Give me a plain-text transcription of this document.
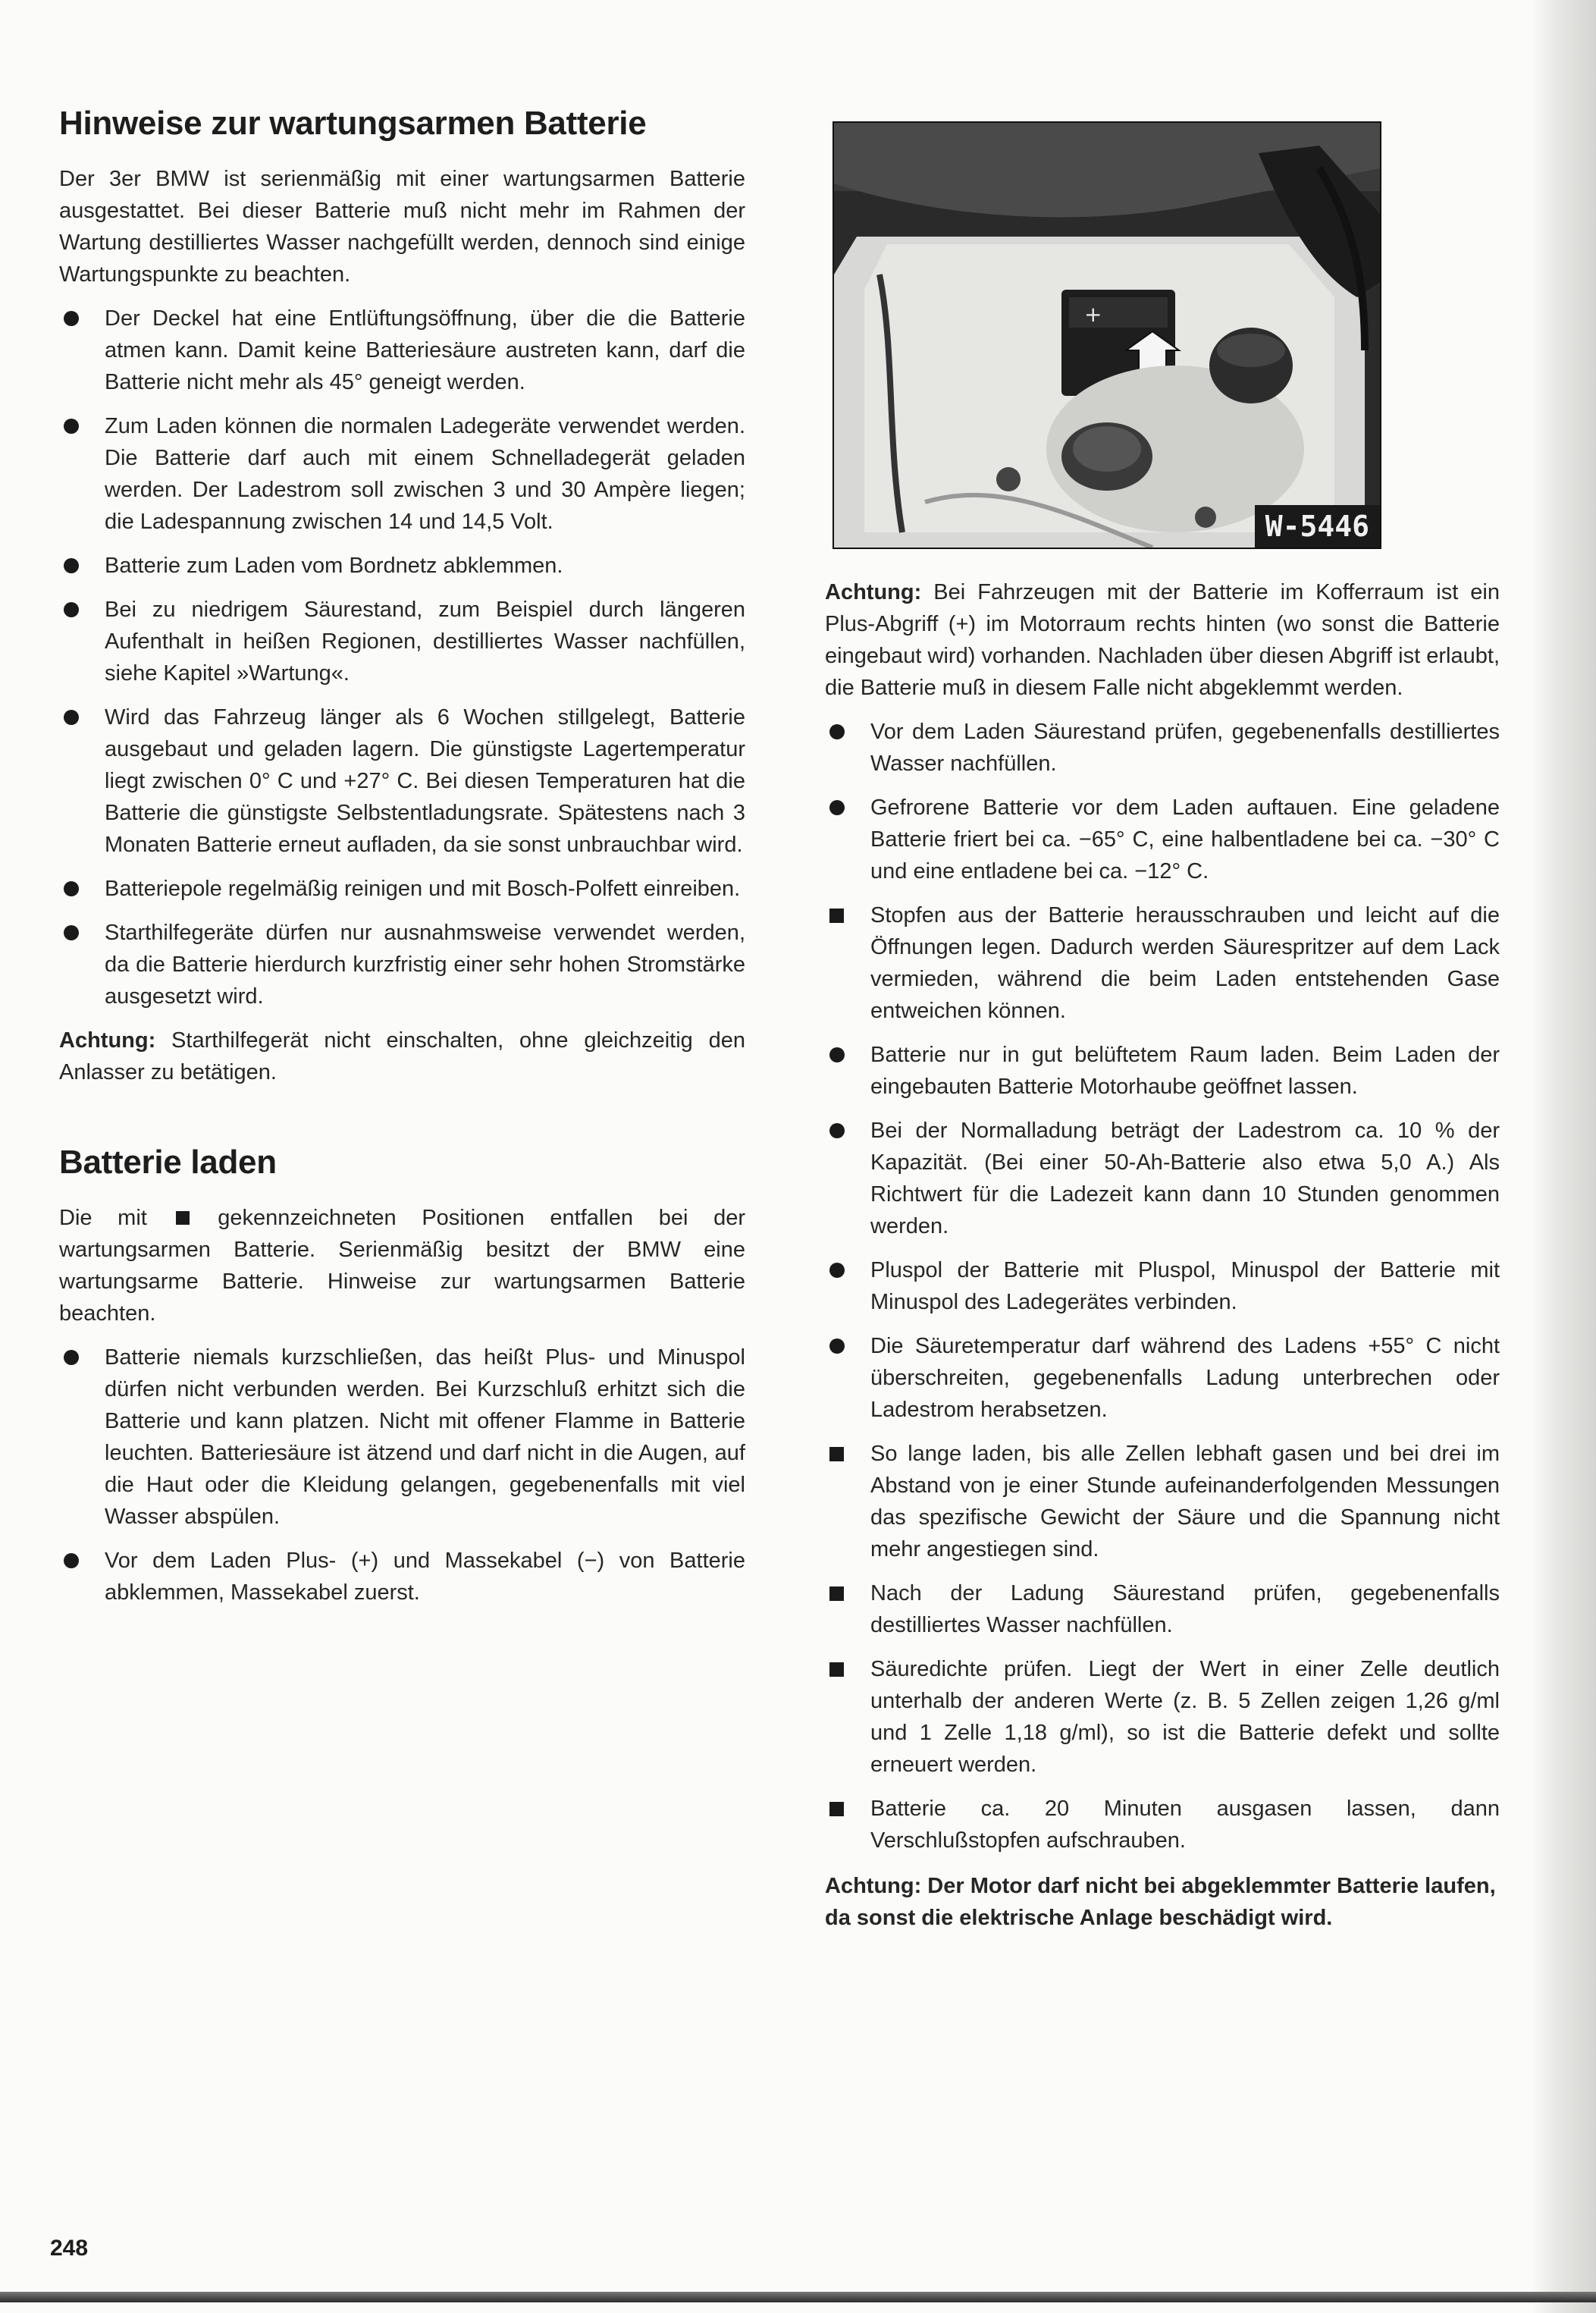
Hinweise zur wartungsarmen Batterie

Der 3er BMW ist serienmäßig mit einer wartungsarmen Batterie ausgestattet. Bei dieser Batterie muß nicht mehr im Rahmen der Wartung destilliertes Wasser nachgefüllt werden, dennoch sind einige Wartungspunkte zu beachten.

Der Deckel hat eine Entlüftungsöffnung, über die die Batterie atmen kann. Damit keine Batteriesäure austreten kann, darf die Batterie nicht mehr als 45° geneigt werden.
Zum Laden können die normalen Ladegeräte verwendet werden. Die Batterie darf auch mit einem Schnelladegerät geladen werden. Der Ladestrom soll zwischen 3 und 30 Ampère liegen; die Ladespannung zwischen 14 und 14,5 Volt.
Batterie zum Laden vom Bordnetz abklemmen.
Bei zu niedrigem Säurestand, zum Beispiel durch längeren Aufenthalt in heißen Regionen, destilliertes Wasser nachfüllen, siehe Kapitel »Wartung«.
Wird das Fahrzeug länger als 6 Wochen stillgelegt, Batterie ausgebaut und geladen lagern. Die günstigste Lagertemperatur liegt zwischen 0° C und +27° C. Bei diesen Temperaturen hat die Batterie die günstigste Selbstentladungsrate. Spätestens nach 3 Monaten Batterie erneut aufladen, da sie sonst unbrauchbar wird.
Batteriepole regelmäßig reinigen und mit Bosch-Polfett einreiben.
Starthilfegeräte dürfen nur ausnahmsweise verwendet werden, da die Batterie hierdurch kurzfristig einer sehr hohen Stromstärke ausgesetzt wird.

Achtung: Starthilfegerät nicht einschalten, ohne gleichzeitig den Anlasser zu betätigen.

Batterie laden

Die mit	gekennzeichneten Positionen entfallen bei der wartungsarmen Batterie. Serienmäßig besitzt der BMW eine wartungsarme Batterie. Hinweise zur wartungsarmen Batterie beachten.

Batterie niemals kurzschließen, das heißt Plus- und Minuspol dürfen nicht verbunden werden. Bei Kurzschluß erhitzt sich die Batterie und kann platzen. Nicht mit offener Flamme in Batterie leuchten. Batteriesäure ist ätzend und darf nicht in die Augen, auf die Haut oder die Kleidung gelangen, gegebenenfalls mit viel Wasser abspülen.
Vor dem Laden Plus- (+) und Massekabel (−) von Batterie abklemmen, Massekabel zuerst.
+
W-5446

Achtung: Bei Fahrzeugen mit der Batterie im Kofferraum ist ein Plus-Abgriff (+) im Motorraum rechts hinten (wo sonst die Batterie eingebaut wird) vorhanden. Nachladen über diesen Abgriff ist erlaubt, die Batterie muß in diesem Falle nicht abgeklemmt werden.

Vor dem Laden Säurestand prüfen, gegebenenfalls destilliertes Wasser nachfüllen.
Gefrorene Batterie vor dem Laden auftauen. Eine geladene Batterie friert bei ca. −65° C, eine halbentladene bei ca. −30° C und eine entladene bei ca. −12° C.
Stopfen aus der Batterie herausschrauben und leicht auf die Öffnungen legen. Dadurch werden Säurespritzer auf dem Lack vermieden, während die beim Laden entstehenden Gase entweichen können.
Batterie nur in gut belüftetem Raum laden. Beim Laden der eingebauten Batterie Motorhaube geöffnet lassen.
Bei der Normalladung beträgt der Ladestrom ca. 10 % der Kapazität. (Bei einer 50-Ah-Batterie also etwa 5,0 A.) Als Richtwert für die Ladezeit kann dann 10 Stunden genommen werden.
Pluspol der Batterie mit Pluspol, Minuspol der Batterie mit Minuspol des Ladegerätes verbinden.
Die Säuretemperatur darf während des Ladens +55° C nicht überschreiten, gegebenenfalls Ladung unterbrechen oder Ladestrom herabsetzen.
So lange laden, bis alle Zellen lebhaft gasen und bei drei im Abstand von je einer Stunde aufeinanderfolgenden Messungen das spezifische Gewicht der Säure und die Spannung nicht mehr angestiegen sind.
Nach der Ladung Säurestand prüfen, gegebenenfalls destilliertes Wasser nachfüllen.
Säuredichte prüfen. Liegt der Wert in einer Zelle deutlich unterhalb der anderen Werte (z. B. 5 Zellen zeigen 1,26 g/ml und 1 Zelle 1,18 g/ml), so ist die Batterie defekt und sollte erneuert werden.
Batterie ca. 20 Minuten ausgasen lassen, dann Verschlußstopfen aufschrauben.

Achtung: Der Motor darf nicht bei abgeklemmter Batterie laufen, da sonst die elektrische Anlage beschädigt wird.

248
